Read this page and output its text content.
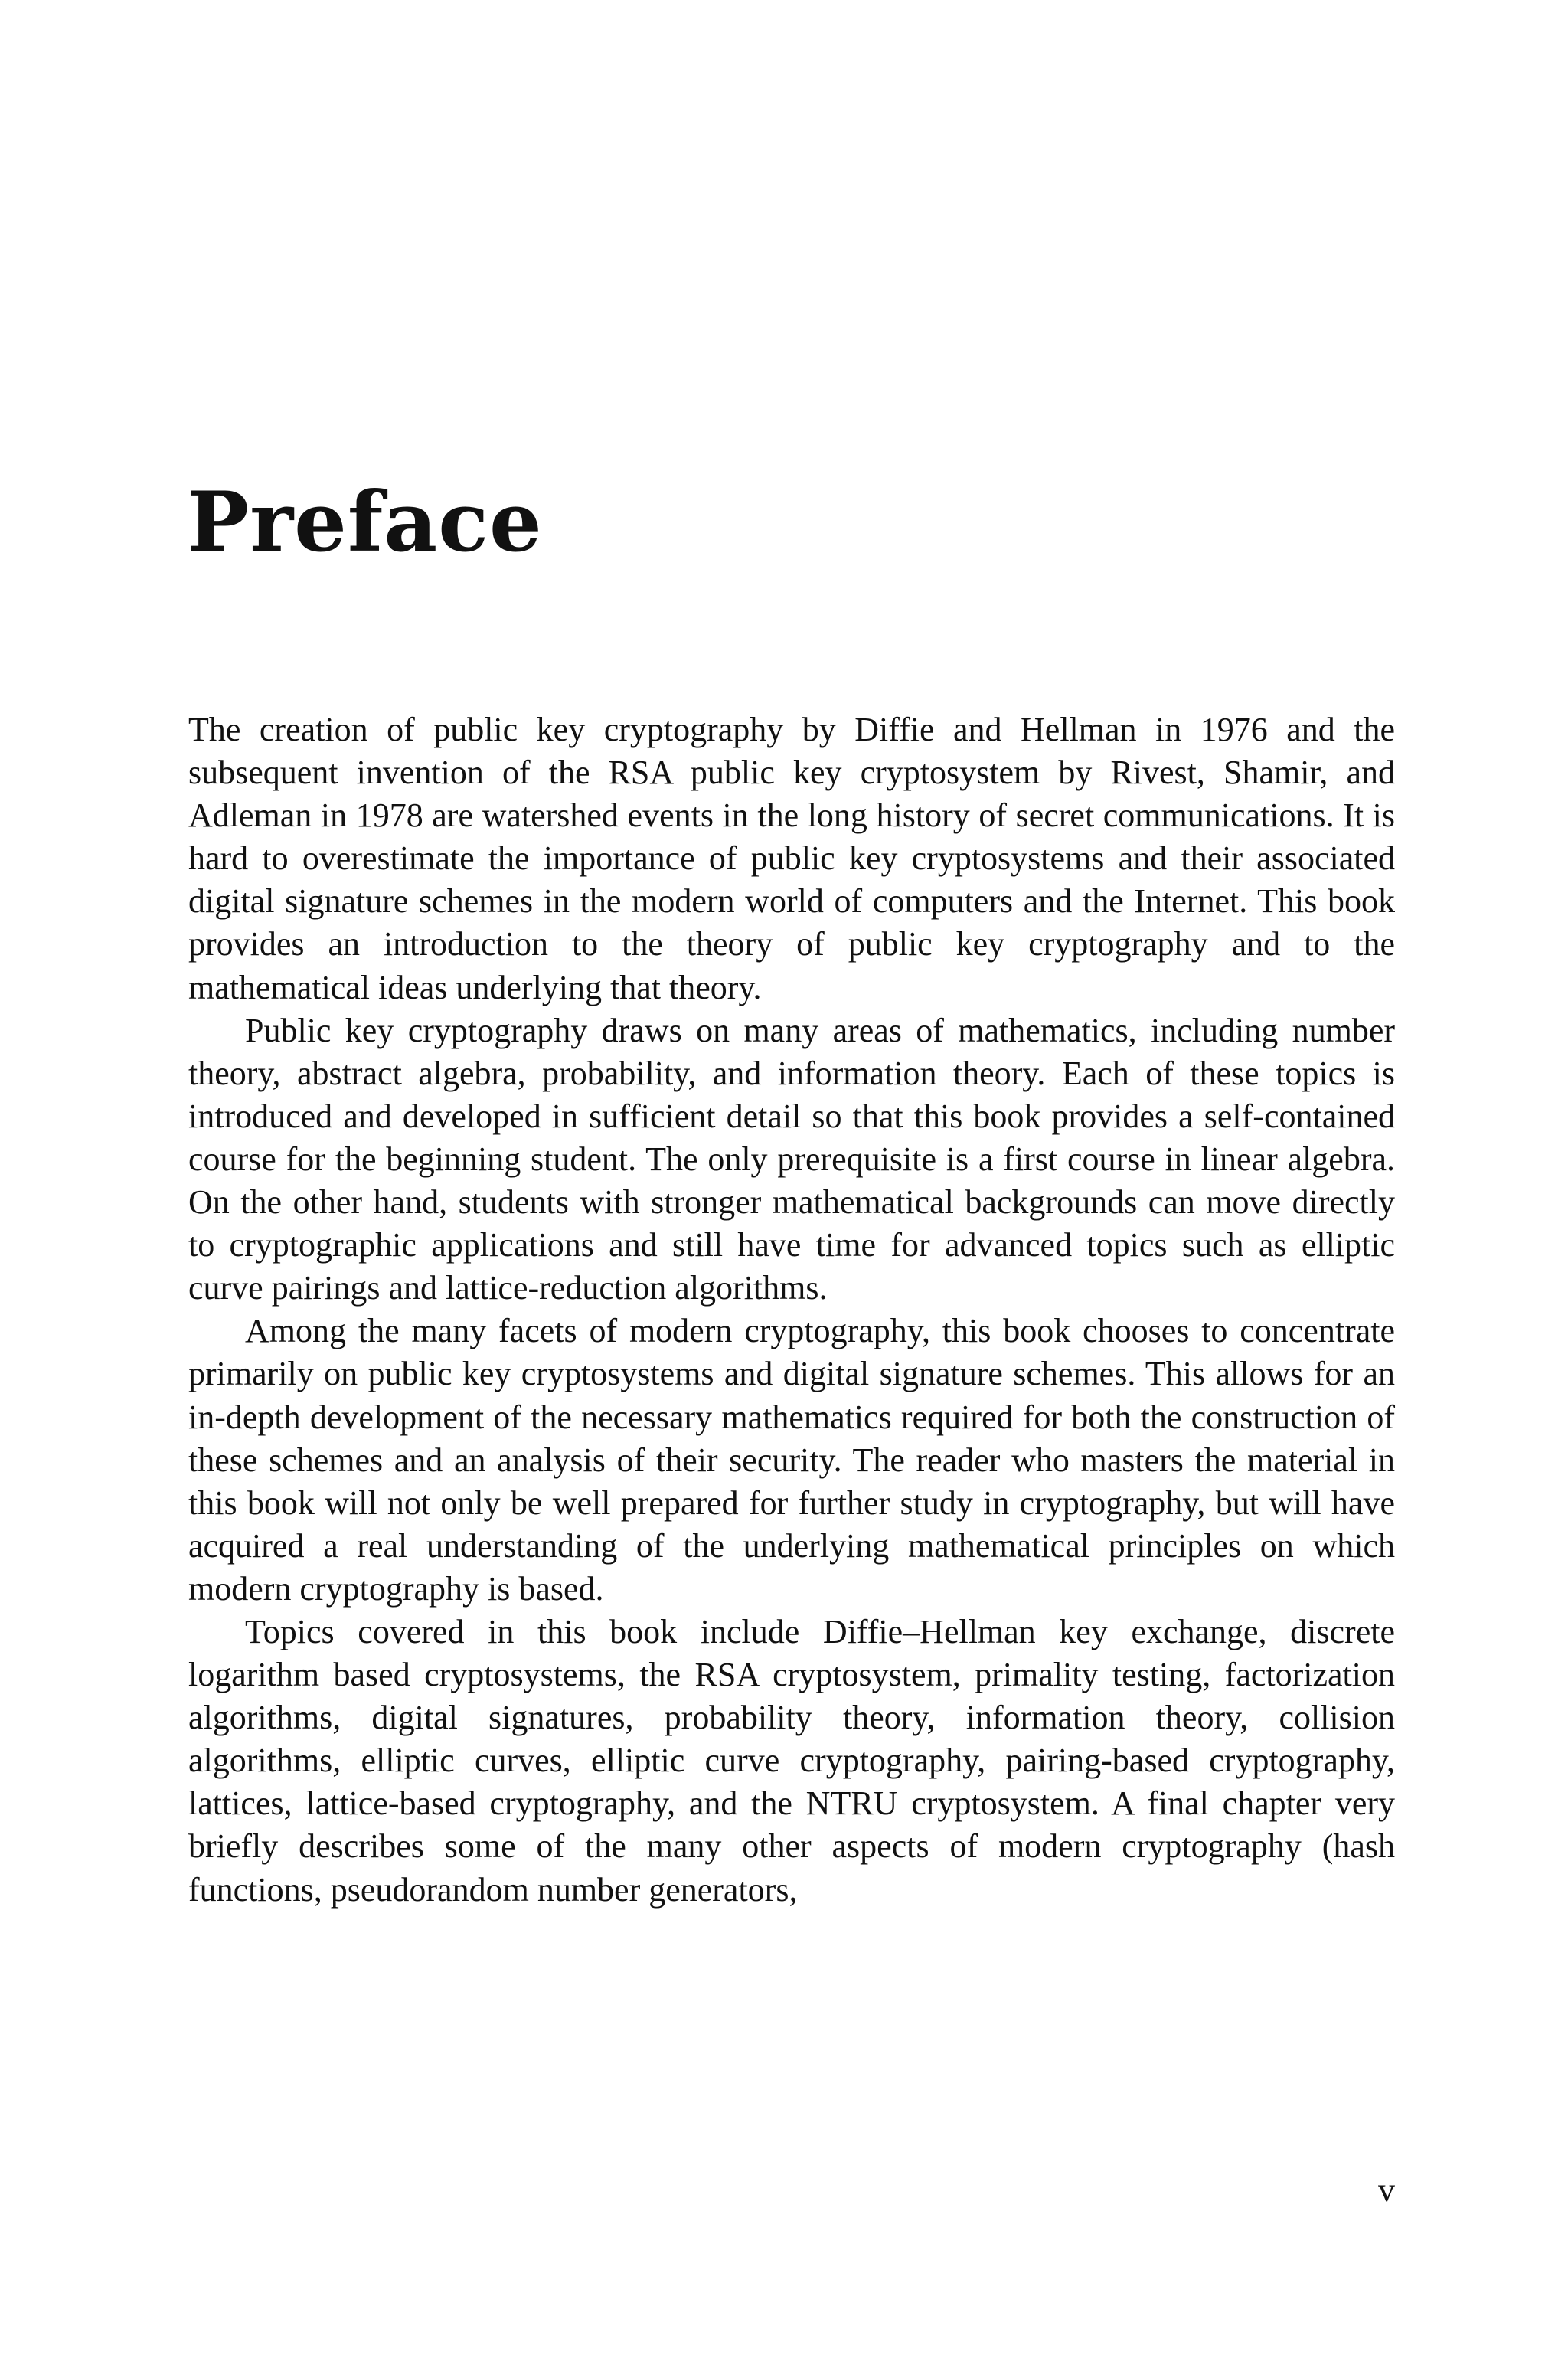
Preface

The creation of public key cryptography by Diffie and Hellman in 1976 and the subsequent invention of the RSA public key cryptosystem by Rivest, Shamir, and Adleman in 1978 are watershed events in the long history of secret communications. It is hard to overestimate the importance of public key cryptosystems and their associated digital signature schemes in the modern world of computers and the Internet. This book provides an introduction to the theory of public key cryptography and to the mathematical ideas underlying that theory.

Public key cryptography draws on many areas of mathematics, including number theory, abstract algebra, probability, and information theory. Each of these topics is introduced and developed in sufficient detail so that this book provides a self-contained course for the beginning student. The only prerequisite is a first course in linear algebra. On the other hand, students with stronger mathematical backgrounds can move directly to cryptographic applications and still have time for advanced topics such as elliptic curve pairings and lattice-reduction algorithms.

Among the many facets of modern cryptography, this book chooses to concentrate primarily on public key cryptosystems and digital signature schemes. This allows for an in-depth development of the necessary mathematics required for both the construction of these schemes and an analysis of their security. The reader who masters the material in this book will not only be well prepared for further study in cryptography, but will have acquired a real understanding of the underlying mathematical principles on which modern cryptography is based.

Topics covered in this book include Diffie–Hellman key exchange, discrete logarithm based cryptosystems, the RSA cryptosystem, primality testing, factorization algorithms, digital signatures, probability theory, information theory, collision algorithms, elliptic curves, elliptic curve cryptography, pairing-based cryptography, lattices, lattice-based cryptography, and the NTRU cryptosystem. A final chapter very briefly describes some of the many other aspects of modern cryptography (hash functions, pseudorandom number generators,

v
